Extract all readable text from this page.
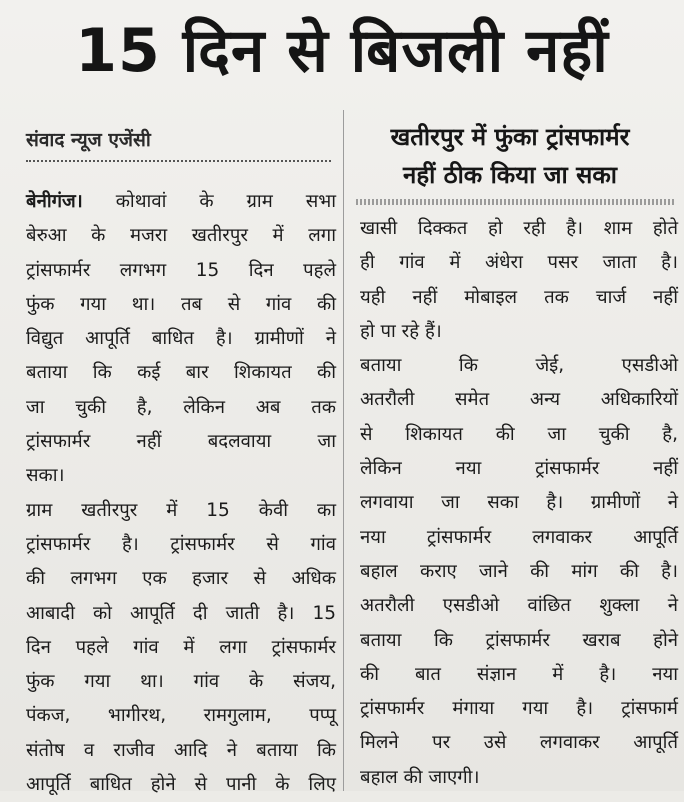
15 दिन से बिजली नहीं
संवाद न्यूज एजेंसी	खतीरपुर में फुंका ट्रांसफार्मर
नहीं ठीक किया जा सका
बेनीगंज। कोथावां के ग्राम सभा
बेरुआ के मजरा खतीरपुर में लगा
ट्रांसफार्मर लगभग 15 दिन पहले
फुंक गया था। तब से गांव की
विद्युत आपूर्ति बाधित है। ग्रामीणों ने
बताया कि कई बार शिकायत की
जा चुकी है, लेकिन अब तक
ट्रांसफार्मर नहीं बदलवाया जा
सका।
ग्राम खतीरपुर में 15 केवी का
ट्रांसफार्मर है। ट्रांसफार्मर से गांव
की लगभग एक हजार से अधिक
आबादी को आपूर्ति दी जाती है। 15
दिन पहले गांव में लगा ट्रांसफार्मर
फुंक गया था। गांव के संजय,
पंकज, भागीरथ, रामगुलाम, पप्पू
संतोष व राजीव आदि ने बताया कि
आपूर्ति बाधित होने से पानी के लिए
खासी दिक्कत हो रही है। शाम होते
ही गांव में अंधेरा पसर जाता है।
यही नहीं मोबाइल तक चार्ज नहीं
हो पा रहे हैं।
बताया कि जेई, एसडीओ
अतरौली समेत अन्य अधिकारियों
से शिकायत की जा चुकी है,
लेकिन नया ट्रांसफार्मर नहीं
लगवाया जा सका है। ग्रामीणों ने
नया ट्रांसफार्मर लगवाकर आपूर्ति
बहाल कराए जाने की मांग की है।
अतरौली एसडीओ वांछित शुक्ला ने
बताया कि ट्रांसफार्मर खराब होने
की बात संज्ञान में है। नया
ट्रांसफार्मर मंगाया गया है। ट्रांसफार्म
मिलने पर उसे लगवाकर आपूर्ति
बहाल की जाएगी।
